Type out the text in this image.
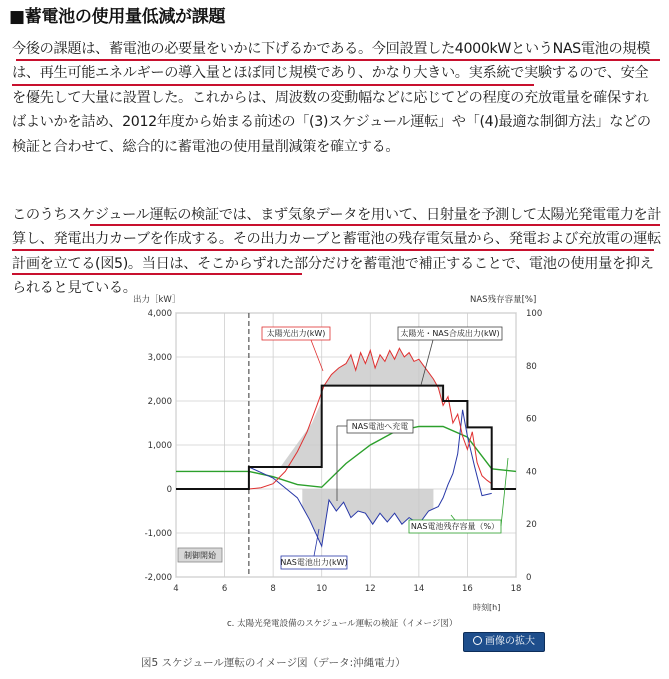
■蓄電池の使用量低減が課題
今後の課題は、蓄電池の必要量をいかに下げるかである。今回設置した4000kWというNAS電池の規模は、再生可能エネルギーの導入量とほぼ同じ規模であり、かなり大きい。実系統で実験するので、安全を優先して大量に設置した。これからは、周波数の変動幅などに応じてどの程度の充放電量を確保すればよいかを詰め、2012年度から始まる前述の「(3)スケジュール運転」や「(4)最適な制御方法」などの検証と合わせて、総合的に蓄電池の使用量削減策を確立する。
このうちスケジュール運転の検証では、まず気象データを用いて、日射量を予測して太陽光発電電力を計算し、発電出力カーブを作成する。その出力カーブと蓄電池の残存電気量から、発電および充放電の運転計画を立てる(図5)。当日は、そこからずれた部分だけを蓄電池で補正することで、電池の使用量を抑えられると見ている。
出力［kW］	NAS残存容量[%]
時刻[h]
c. 太陽光発電設備のスケジュール運転の検証（イメージ図）
4,000
3,000
2,000
1,000
0
-1,000
-2,000
100
80
60
40
20
0
4	6	8	10	12	14	16	18
太陽光出力(kW)	太陽光・NAS合成出力(kW)
NAS電池へ充電
NAS電池出力(kW)
NAS電池残存容量（%）
制御開始
画像の拡大
図5 スケジュール運転のイメージ図（データ:沖縄電力）
